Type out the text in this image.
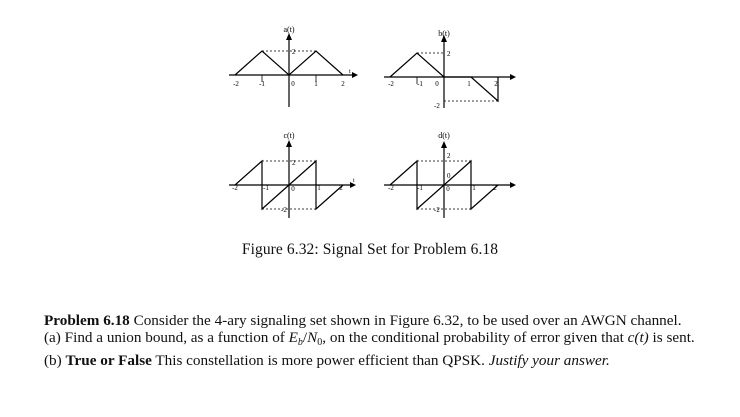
a(t)
-2	-1	0	1	2
2
b(t)
-2	-1 0	1	2
2
-2
c(t)
-2	-1	0	1	2
2
-2
d(t)
-2	-1	0	1	2
2
0
-2
t
t
Figure 6.32: Signal Set for Problem 6.18

Problem 6.18 Consider the 4-ary signaling set shown in Figure 6.32, to be used over an AWGN channel.

(a) Find a union bound, as a function of $E_b/N_0$, on the conditional probability of error given that c(t) is sent.

(b) True or False This constellation is more power efficient than QPSK. Justify your answer.
